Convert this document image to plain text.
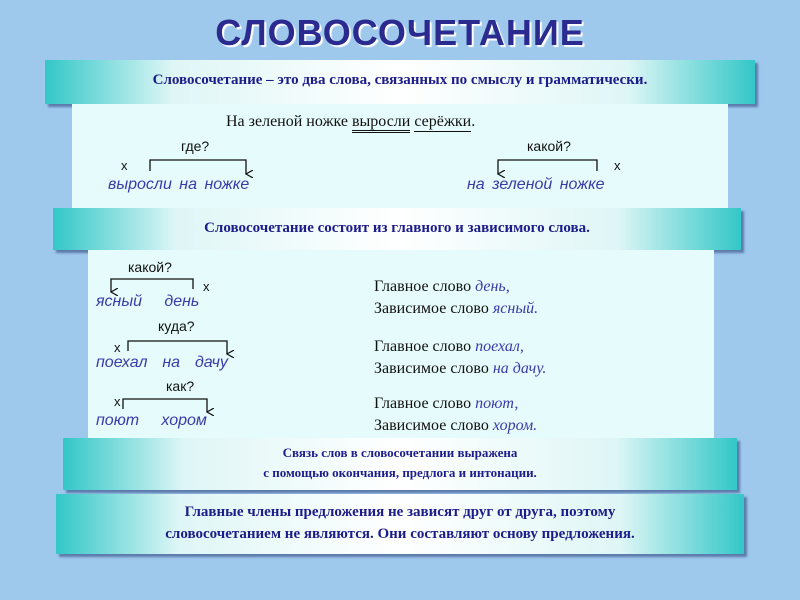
СЛОВОСОЧЕТАНИЕ
Словосочетание – это два слова, связанных по смыслу и грамматически.
На зеленой ножке выросли серёжки.
где?
х
выросли на ножке
какой?
х
на зеленой ножке
Словосочетание состоит из главного и зависимого слова.
какой?
х
ясный   день
куда?
х
поехал  на  дачу
как?
х
поют   хором
Главное слово день,
Зависимое слово ясный.
Главное слово поехал,
Зависимое слово на дачу.
Главное слово поют,
Зависимое слово хором.
Связь слов в словосочетании выражена
с помощью окончания, предлога и интонации.
Главные члены предложения не зависят друг от друга, поэтому
словосочетанием не являются. Они составляют основу предложения.
